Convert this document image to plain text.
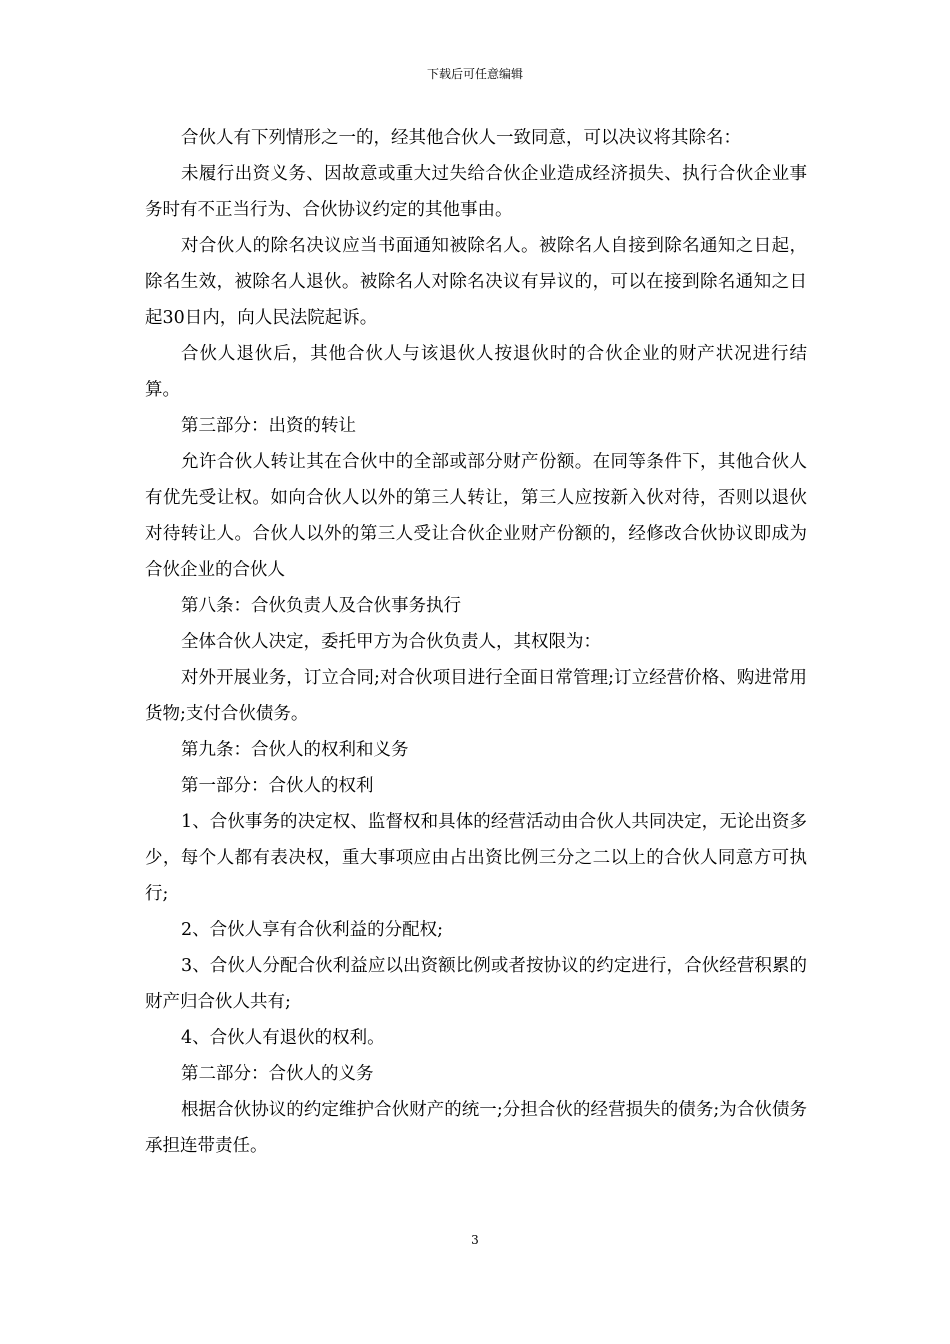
下载后可任意编辑

合伙人有下列情形之一的，经其他合伙人一致同意，可以决议将其除名：

未履行出资义务、因故意或重大过失给合伙企业造成经济损失、执行合伙企业事务时有不正当行为、合伙协议约定的其他事由。

对合伙人的除名决议应当书面通知被除名人。被除名人自接到除名通知之日起，除名生效，被除名人退伙。被除名人对除名决议有异议的，可以在接到除名通知之日起30日内，向人民法院起诉。

合伙人退伙后，其他合伙人与该退伙人按退伙时的合伙企业的财产状况进行结算。

第三部分：出资的转让

允许合伙人转让其在合伙中的全部或部分财产份额。在同等条件下，其他合伙人有优先受让权。如向合伙人以外的第三人转让，第三人应按新入伙对待，否则以退伙对待转让人。合伙人以外的第三人受让合伙企业财产份额的，经修改合伙协议即成为合伙企业的合伙人

第八条：合伙负责人及合伙事务执行

全体合伙人决定，委托甲方为合伙负责人，其权限为：

对外开展业务，订立合同;对合伙项目进行全面日常管理;订立经营价格、购进常用货物;支付合伙债务。

第九条：合伙人的权利和义务

第一部分：合伙人的权利

1、合伙事务的决定权、监督权和具体的经营活动由合伙人共同决定，无论出资多少，每个人都有表决权，重大事项应由占出资比例三分之二以上的合伙人同意方可执行;

2、合伙人享有合伙利益的分配权;

3、合伙人分配合伙利益应以出资额比例或者按协议的约定进行，合伙经营积累的财产归合伙人共有;

4、合伙人有退伙的权利。

第二部分：合伙人的义务

根据合伙协议的约定维护合伙财产的统一;分担合伙的经营损失的债务;为合伙债务承担连带责任。

3
